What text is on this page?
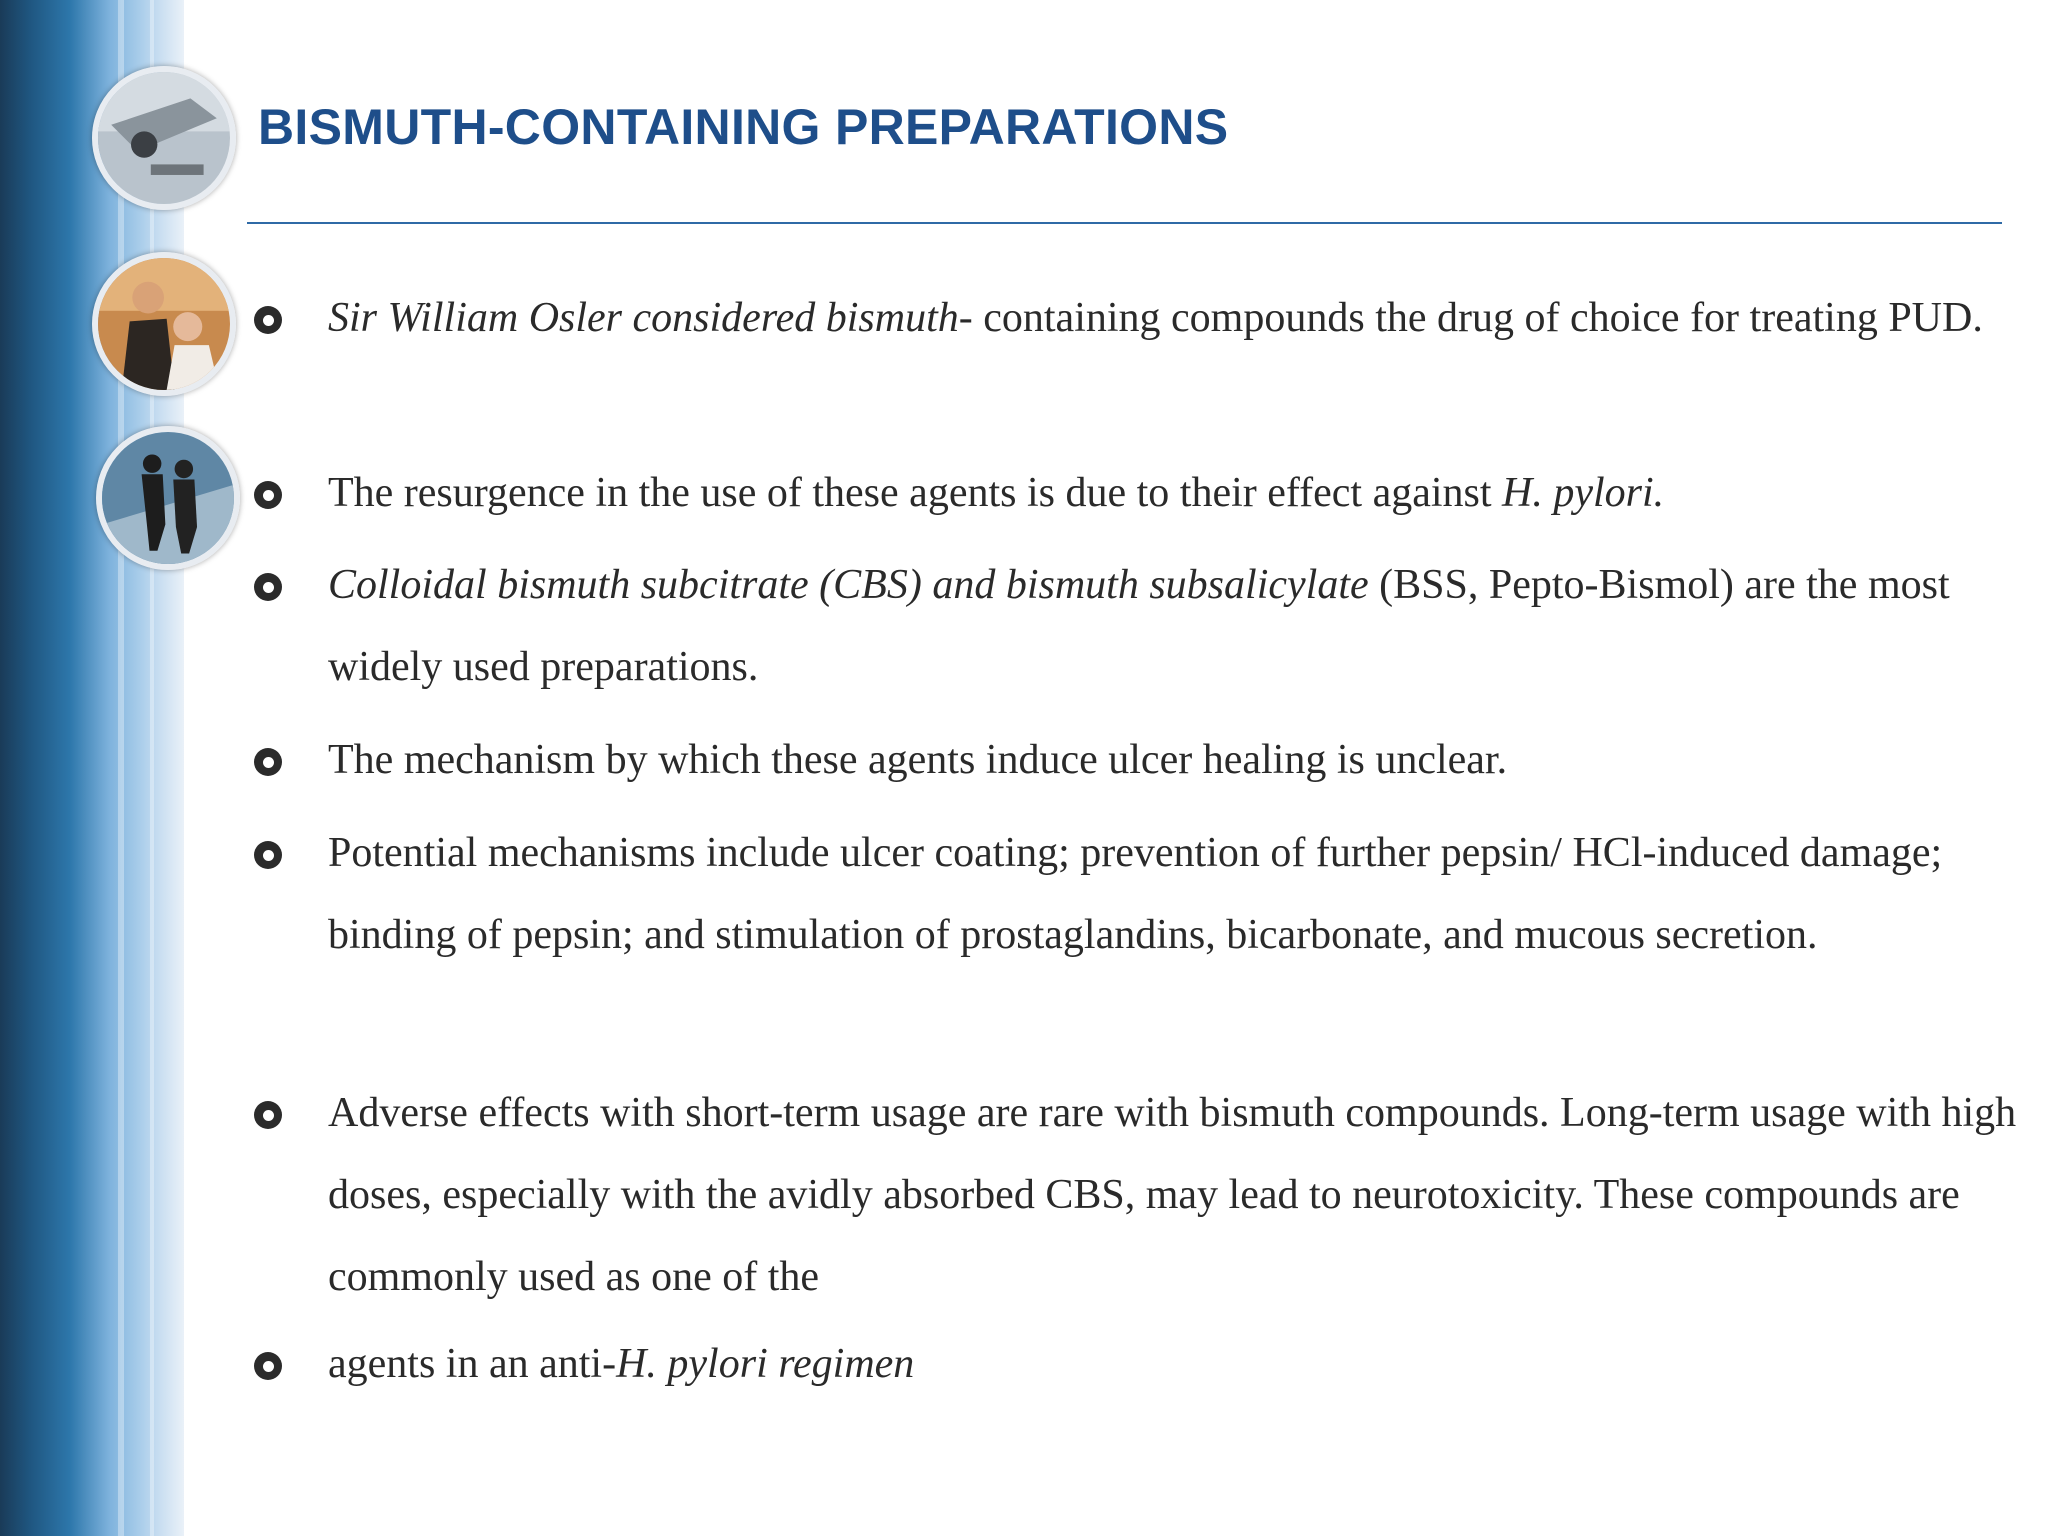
BISMUTH-CONTAINING PREPARATIONS

Sir William Osler considered bismuth- containing compounds the drug of choice for treating PUD.

The resurgence in the use of these agents is due to their effect against H. pylori.

Colloidal bismuth subcitrate (CBS) and bismuth subsalicylate (BSS, Pepto-Bismol) are the most widely used preparations.

The mechanism by which these agents induce ulcer healing is unclear.

Potential mechanisms include ulcer coating; prevention of further pepsin/ HCl-induced damage; binding of pepsin; and stimulation of prostaglandins, bicarbonate, and mucous secretion.

Adverse effects with short-term usage are rare with bismuth compounds. Long-term usage with high doses, especially with the avidly absorbed CBS, may lead to neurotoxicity. These compounds are commonly used as one of the

agents in an anti-H. pylori regimen
